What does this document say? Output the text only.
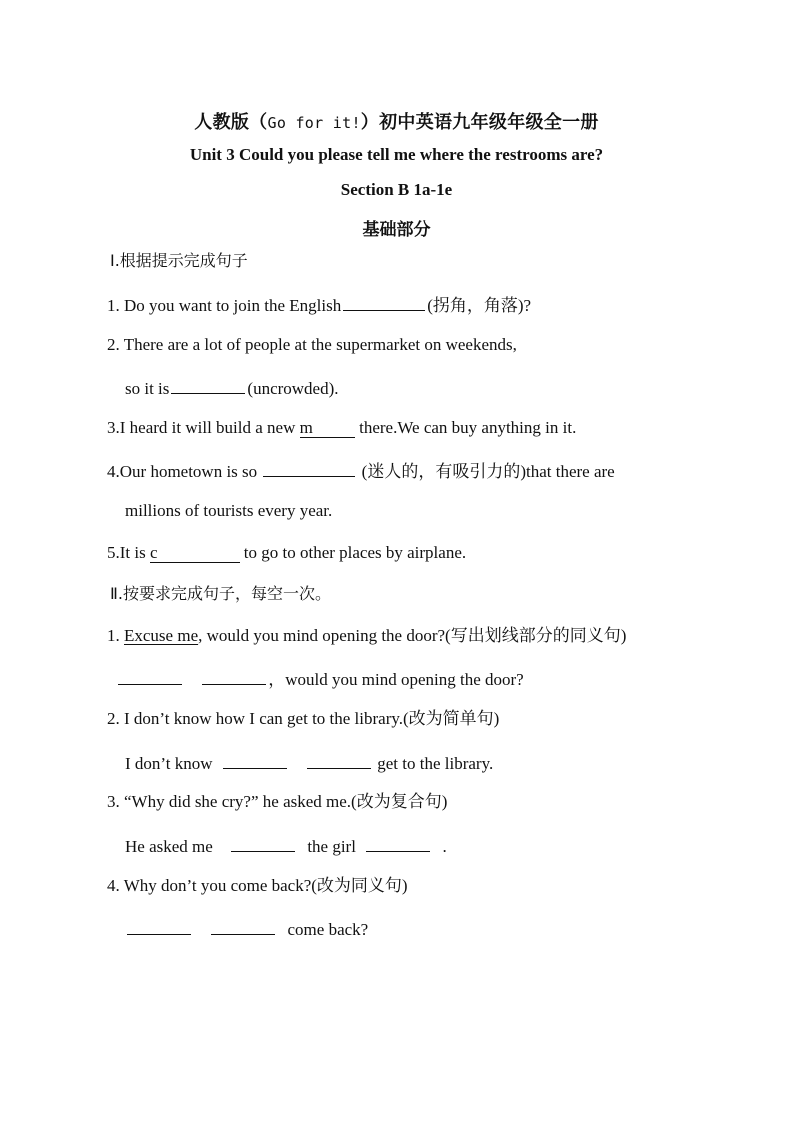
人教版（Go for it!）初中英语九年级年级全一册
Unit 3 Could you please tell me where the restrooms are?
Section B 1a-1e
基础部分
Ⅰ.根据提示完成句子
1. Do you want to join the English	(拐角，角落)?
2. There are a lot of people at the supermarket on weekends,
so it is	(uncrowded).
3.I heard it will build a new m	there.We can buy anything in it.
4.Our hometown is so	(迷人的，有吸引力的)that there are
millions of tourists every year.
5.It is c	to go to other places by airplane.
Ⅱ.按要求完成句子，每空一次。
1. Excuse me, would you mind opening the door?(写出划线部分的同义句)
，would you mind opening the door?
2. I don’t know how I can get to the library.(改为简单句)
I don’t know	get to the library.
3. “Why did she cry?” he asked me.(改为复合句)
He asked me	the girl	.
4. Why don’t you come back?(改为同义句)
come back?
